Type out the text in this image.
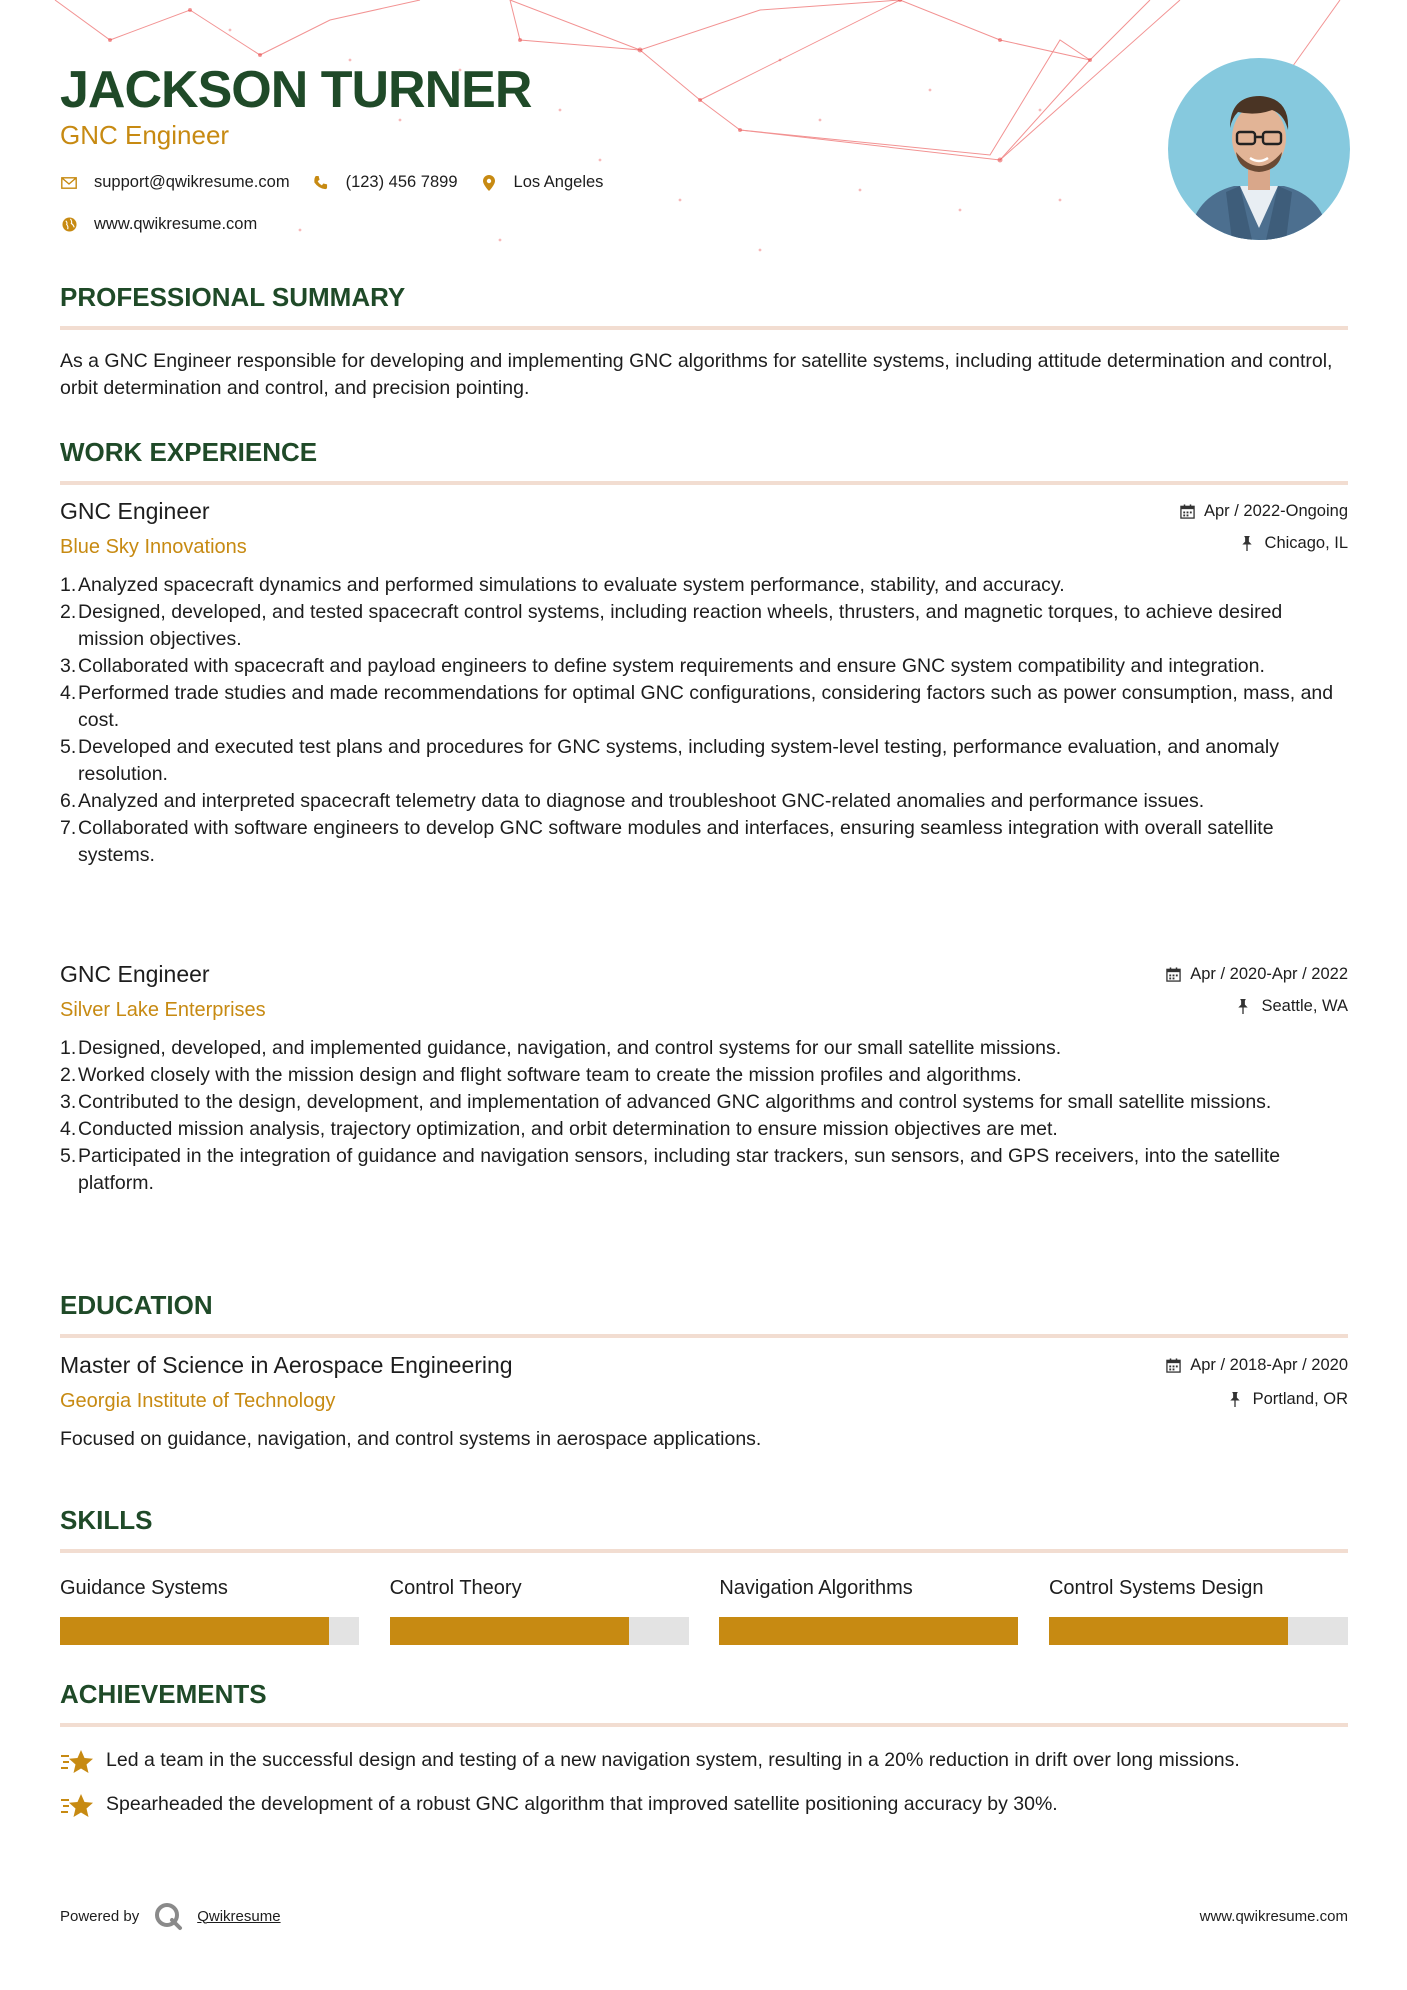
JACKSON TURNER
GNC Engineer
support@qwikresume.com	(123) 456 7899	Los Angeles
www.qwikresume.com
PROFESSIONAL SUMMARY
As a GNC Engineer responsible for developing and implementing GNC algorithms for satellite systems, including attitude determination and control, orbit determination and control, and precision pointing.
WORK EXPERIENCE
GNC Engineer
Blue Sky Innovations
Apr / 2022-Ongoing
Chicago, IL
1. Analyzed spacecraft dynamics and performed simulations to evaluate system performance, stability, and accuracy.
2. Designed, developed, and tested spacecraft control systems, including reaction wheels, thrusters, and magnetic torques, to achieve desired mission objectives.
3. Collaborated with spacecraft and payload engineers to define system requirements and ensure GNC system compatibility and integration.
4. Performed trade studies and made recommendations for optimal GNC configurations, considering factors such as power consumption, mass, and cost.
5. Developed and executed test plans and procedures for GNC systems, including system-level testing, performance evaluation, and anomaly resolution.
6. Analyzed and interpreted spacecraft telemetry data to diagnose and troubleshoot GNC-related anomalies and performance issues.
7. Collaborated with software engineers to develop GNC software modules and interfaces, ensuring seamless integration with overall satellite systems.
GNC Engineer
Silver Lake Enterprises
Apr / 2020-Apr / 2022
Seattle, WA
1. Designed, developed, and implemented guidance, navigation, and control systems for our small satellite missions.
2. Worked closely with the mission design and flight software team to create the mission profiles and algorithms.
3. Contributed to the design, development, and implementation of advanced GNC algorithms and control systems for small satellite missions.
4. Conducted mission analysis, trajectory optimization, and orbit determination to ensure mission objectives are met.
5. Participated in the integration of guidance and navigation sensors, including star trackers, sun sensors, and GPS receivers, into the satellite platform.
EDUCATION
Master of Science in Aerospace Engineering
Georgia Institute of Technology
Apr / 2018-Apr / 2020
Portland, OR
Focused on guidance, navigation, and control systems in aerospace applications.
SKILLS
Guidance Systems	Control Theory	Navigation Algorithms	Control Systems Design
ACHIEVEMENTS
Led a team in the successful design and testing of a new navigation system, resulting in a 20% reduction in drift over long missions.
Spearheaded the development of a robust GNC algorithm that improved satellite positioning accuracy by 30%.
Powered by	Qwikresume	www.qwikresume.com
